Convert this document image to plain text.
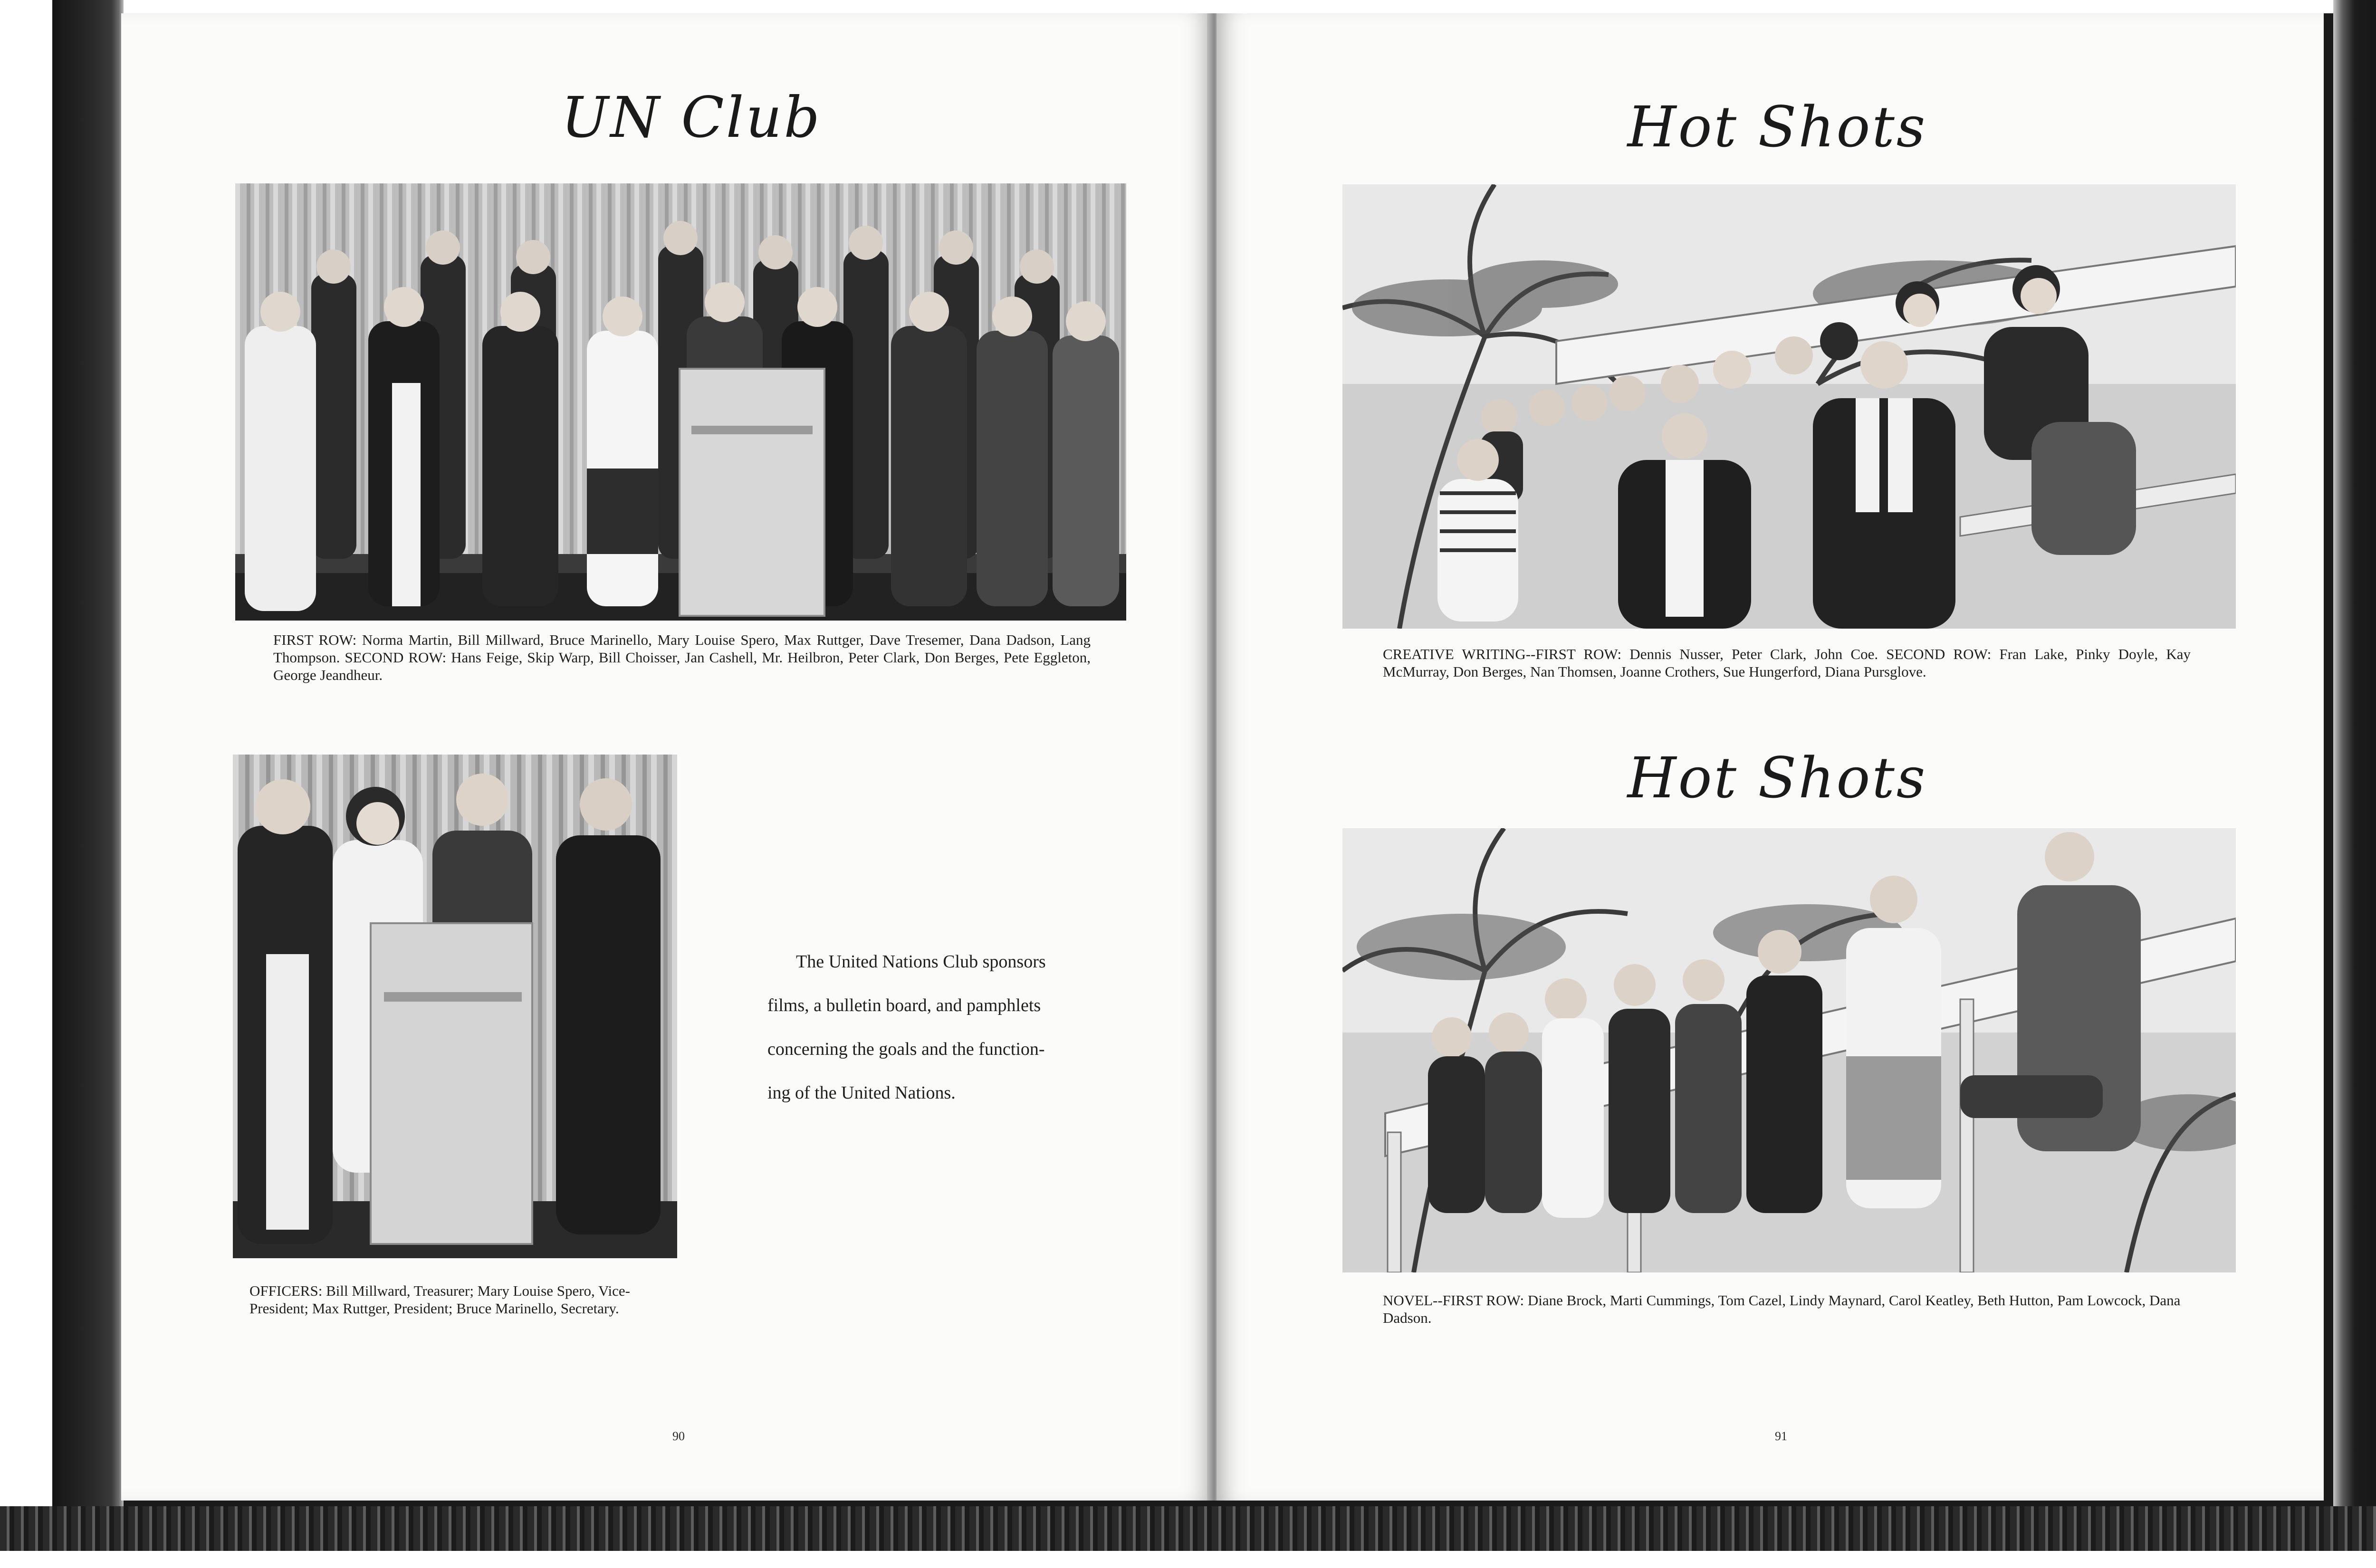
UN Club
FIRST ROW: Norma Martin, Bill Millward, Bruce Marinello, Mary Louise Spero, Max Ruttger, Dave Tresemer, Dana Dadson, Lang Thompson. SECOND ROW: Hans Feige, Skip Warp, Bill Choisser, Jan Cashell, Mr. Heilbron, Peter Clark, Don Berges, Pete Eggleton, George Jeandheur.
OFFICERS: Bill Millward, Treasurer; Mary Louise Spero, Vice-President; Max Ruttger, President; Bruce Marinello, Secretary.

The United Nations Club sponsors

films, a bulletin board, and pamphlets

concerning the goals and the function-

ing of the United Nations.

90
Hot Shots
CREATIVE WRITING--FIRST ROW: Dennis Nusser, Peter Clark, John Coe. SECOND ROW: Fran Lake, Pinky Doyle, Kay McMurray, Don Berges, Nan Thomsen, Joanne Crothers, Sue Hungerford, Diana Pursglove.
Hot Shots
NOVEL--FIRST ROW: Diane Brock, Marti Cummings, Tom Cazel, Lindy Maynard, Carol Keatley, Beth Hutton, Pam Lowcock, Dana Dadson.
91
